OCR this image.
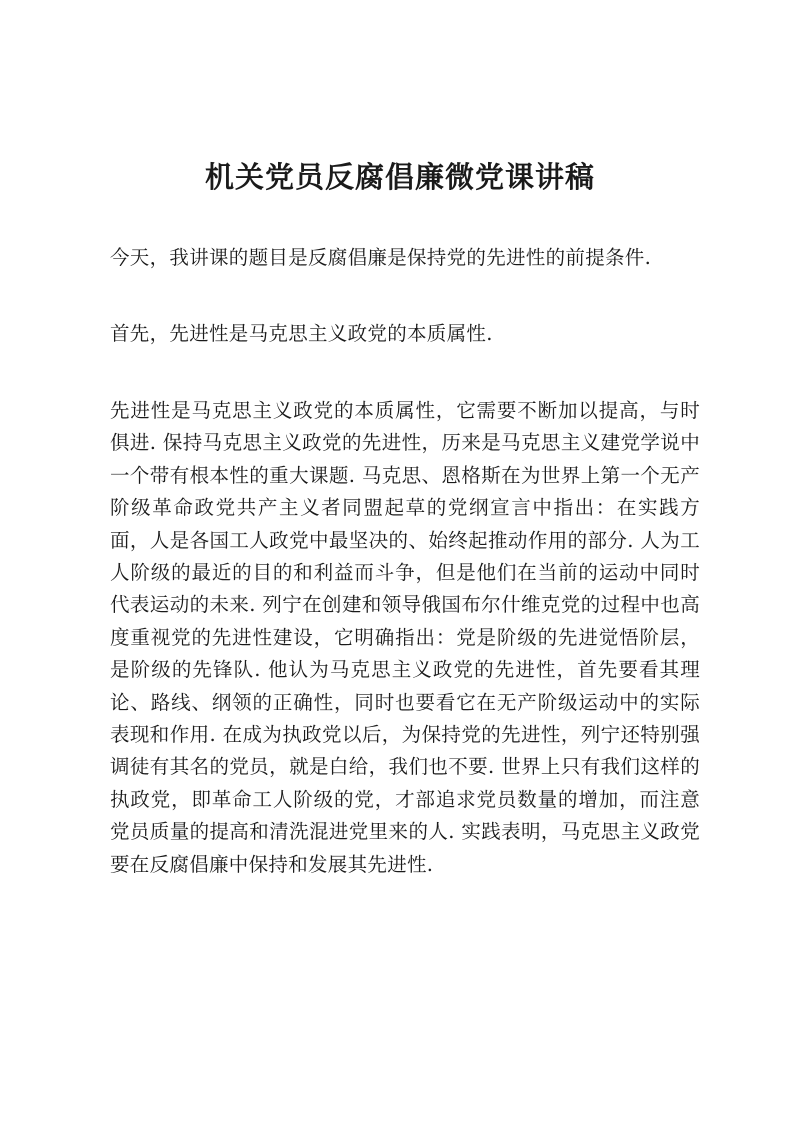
机关党员反腐倡廉微党课讲稿

今天，我讲课的题目是反腐倡廉是保持党的先进性的前提条件.

首先，先进性是马克思主义政党的本质属性.

先进性是马克思主义政党的本质属性，它需要不断加以提高，与时俱进. 保持马克思主义政党的先进性，历来是马克思主义建党学说中一个带有根本性的重大课题. 马克思、恩格斯在为世界上第一个无产阶级革命政党共产主义者同盟起草的党纲宣言中指出：在实践方面，人是各国工人政党中最坚决的、始终起推动作用的部分. 人为工人阶级的最近的目的和利益而斗争，但是他们在当前的运动中同时代表运动的未来. 列宁在创建和领导俄国布尔什维克党的过程中也高度重视党的先进性建设，它明确指出：党是阶级的先进觉悟阶层，是阶级的先锋队. 他认为马克思主义政党的先进性，首先要看其理论、路线、纲领的正确性，同时也要看它在无产阶级运动中的实际表现和作用. 在成为执政党以后，为保持党的先进性，列宁还特别强调徒有其名的党员，就是白给，我们也不要. 世界上只有我们这样的执政党，即革命工人阶级的党，才部追求党员数量的增加，而注意党员质量的提高和清洗混进党里来的人. 实践表明，马克思主义政党要在反腐倡廉中保持和发展其先进性.
